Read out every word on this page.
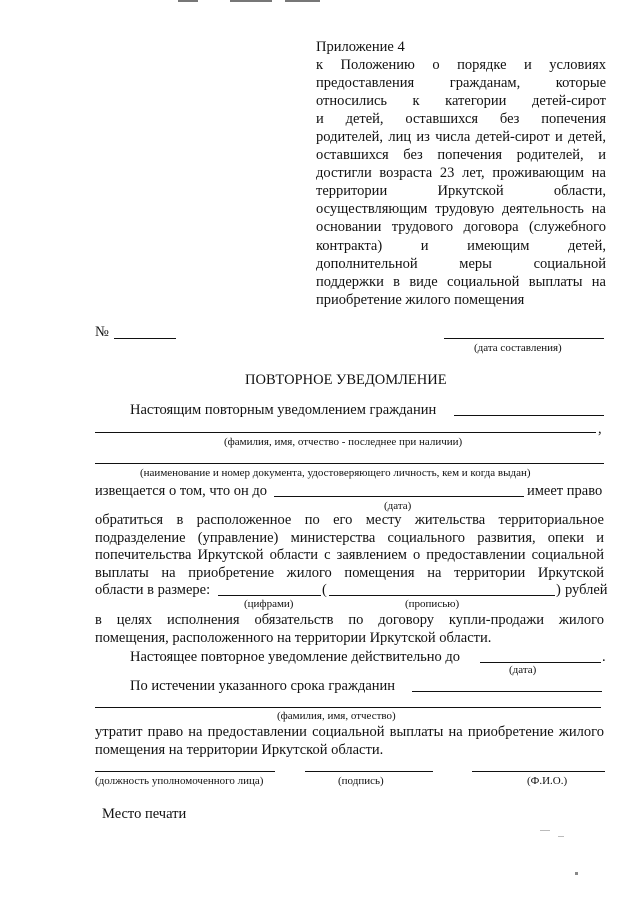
Приложение 4
к Положению о порядке и условиях
предоставления гражданам, которые
относились к категории детей-сирот
и детей, оставшихся без попечения
родителей, лиц из числа детей-сирот и детей,
оставшихся без попечения родителей, и
достигли возраста 23 лет, проживающим на
территории Иркутской области,
осуществляющим трудовую деятельность на
основании трудового договора (служебного
контракта) и имеющим детей,
дополнительной меры социальной
поддержки в виде социальной выплаты на
приобретение жилого помещения
№
(дата составления)
ПОВТОРНОЕ УВЕДОМЛЕНИЕ
Настоящим повторным уведомлением гражданин
,
(фамилия, имя, отчество - последнее при наличии)
(наименование и номер документа, удостоверяющего личность, кем и когда выдан)
извещается о том, что он до	имеет право
(дата)
обратиться в расположенное по его месту жительства территориальное
подразделение (управление) министерства социального развития, опеки и
попечительства Иркутской области с заявлением о предоставлении социальной
выплаты на приобретение жилого помещения на территории Иркутской
области в размере:	(	) рублей
(цифрами)	(прописью)
в целях исполнения обязательств по договору купли-продажи жилого
помещения, расположенного на территории Иркутской области.
Настоящее повторное уведомление действительно до	.
(дата)
По истечении указанного срока гражданин
(фамилия, имя, отчество)
утратит право на предоставлении социальной выплаты на приобретение жилого
помещения на территории Иркутской области.
(должность уполномоченного лица)	(подпись)	(Ф.И.О.)
Место печати
